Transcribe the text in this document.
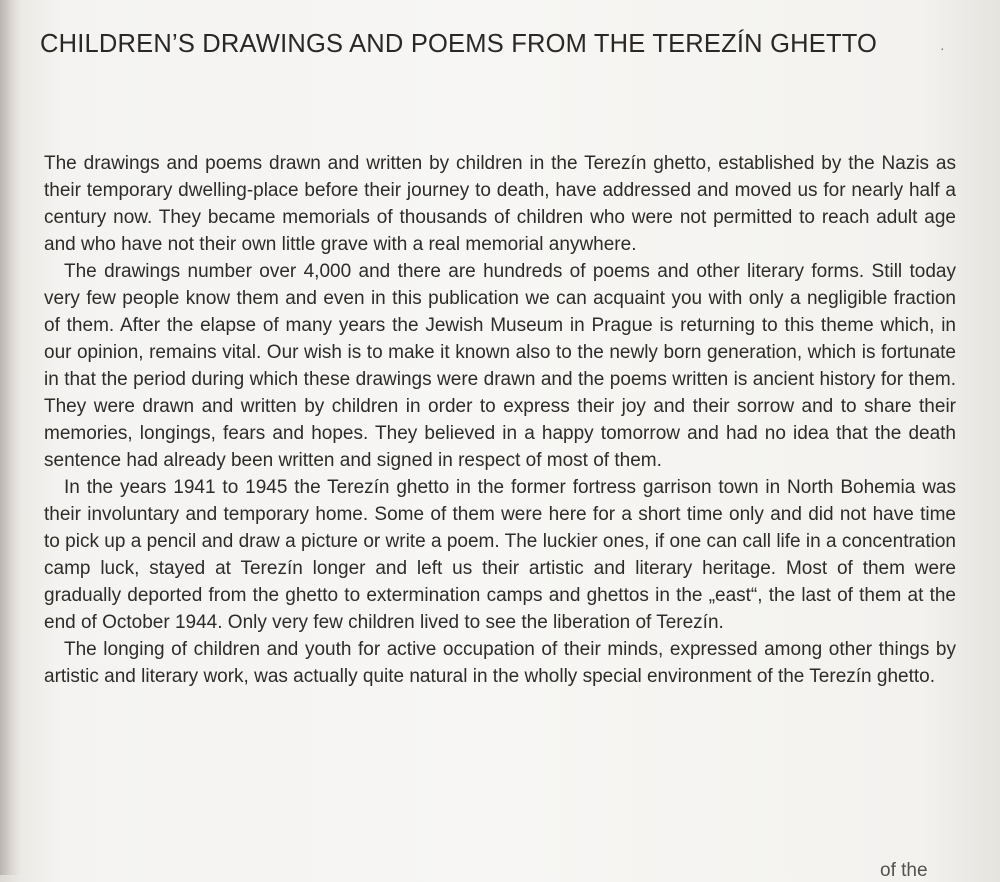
CHILDREN’S DRAWINGS AND POEMS FROM THE TEREZÍN GHETTO	·

The drawings and poems drawn and written by children in the Terezín ghetto, established by the Nazis as their temporary dwelling-place before their journey to death, have addressed and moved us for nearly half a century now. They became memorials of thousands of children who were not permitted to reach adult age and who have not their own little grave with a real memorial anywhere.

The drawings number over 4,000 and there are hundreds of poems and other literary forms. Still today very few people know them and even in this publication we can acquaint you with only a negligible fraction of them. After the elapse of many years the Jewish Museum in Prague is returning to this theme which, in our opinion, remains vital. Our wish is to make it known also to the newly born generation, which is fortunate in that the period during which these drawings were drawn and the poems written is ancient history for them. They were drawn and written by children in order to express their joy and their sorrow and to share their memories, longings, fears and hopes. They believed in a happy tomorrow and had no idea that the death sentence had already been written and signed in respect of most of them.

In the years 1941 to 1945 the Terezín ghetto in the former fortress garrison town in North Bohemia was their involuntary and temporary home. Some of them were here for a short time only and did not have time to pick up a pencil and draw a picture or write a poem. The luckier ones, if one can call life in a concentration camp luck, stayed at Terezín longer and left us their artistic and literary heritage. Most of them were gradually deported from the ghetto to extermination camps and ghettos in the „east“, the last of them at the end of October 1944. Only very few children lived to see the liberation of Terezín.

The longing of children and youth for active occupation of their minds, expressed among other things by artistic and literary work, was actually quite natural in the wholly special environment of the Terezín ghetto.

of the
